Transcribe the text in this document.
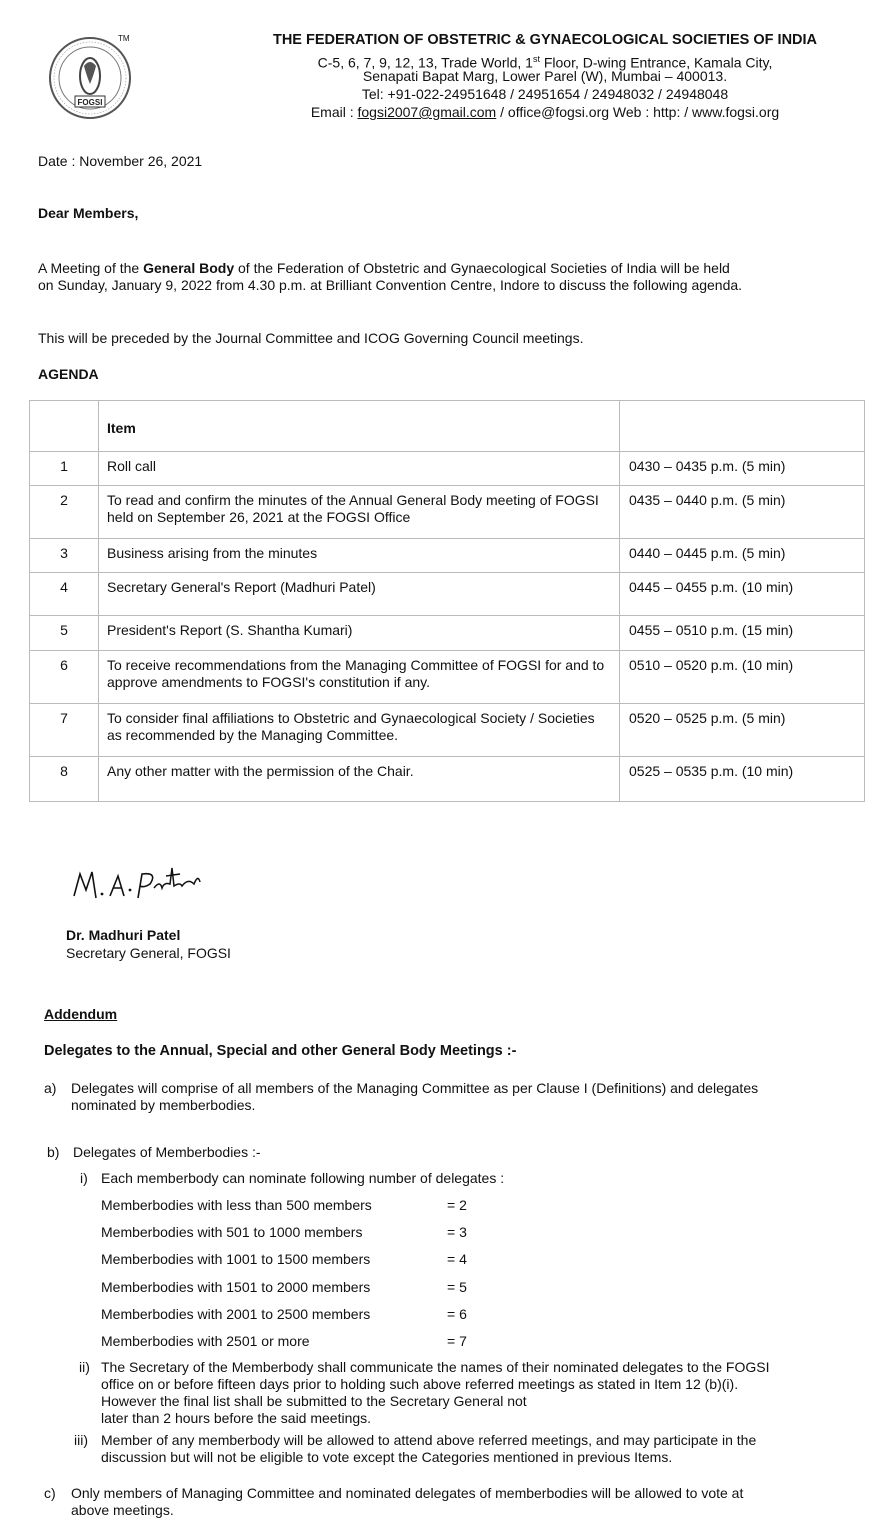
FOGSI
TM	THE FEDERATION OF OBSTETRIC & GYNAECOLOGICAL SOCIETIES OF INDIA
C-5, 6, 7, 9, 12, 13, Trade World, 1st Floor, D-wing Entrance, Kamala City,
Senapati Bapat Marg, Lower Parel (W), Mumbai – 400013.
Tel: +91-022-24951648 / 24951654 / 24948032 / 24948048
Email : fogsi2007@gmail.com / office@fogsi.org Web : http: / www.fogsi.org
Date : November 26, 2021
Dear Members,
A Meeting of the General Body of the Federation of Obstetric and Gynaecological Societies of India will be held
on Sunday, January 9, 2022 from 4.30 p.m. at Brilliant Convention Centre, Indore to discuss the following agenda.
This will be preceded by the Journal Committee and ICOG Governing Council meetings.
AGENDA
	Item	
1	Roll call	0430 – 0435 p.m. (5 min)
2	To read and confirm the minutes of the Annual General Body meeting of FOGSI held on September 26, 2021 at the FOGSI Office	0435 – 0440 p.m. (5 min)
3	Business arising from the minutes	0440 – 0445 p.m. (5 min)
4	Secretary General's Report (Madhuri Patel)	0445 – 0455 p.m. (10 min)
5	President's Report (S. Shantha Kumari)	0455 – 0510 p.m. (15 min)
6	To receive recommendations from the Managing Committee of FOGSI for and to approve amendments to FOGSI's constitution if any.	0510 – 0520 p.m. (10 min)
7	To consider final affiliations to Obstetric and Gynaecological Society / Societies as recommended by the Managing Committee.	0520 – 0525 p.m. (5 min)
8	Any other matter with the permission of the Chair.	0525 – 0535 p.m. (10 min)
Dr. Madhuri Patel
Secretary General, FOGSI
Addendum
Delegates to the Annual, Special and other General Body Meetings :-
a) Delegates will comprise of all members of the Managing Committee as per Clause I (Definitions) and delegates
nominated by memberbodies.
b) Delegates of Memberbodies :-
i) Each memberbody can nominate following number of delegates :
Memberbodies with less than 500 members	= 2
Memberbodies with 501 to 1000 members	= 3
Memberbodies with 1001 to 1500 members	= 4
Memberbodies with 1501 to 2000 members	= 5
Memberbodies with 2001 to 2500 members	= 6
Memberbodies with 2501 or more	= 7
ii) The Secretary of the Memberbody shall communicate the names of their nominated delegates to the FOGSI
office on or before fifteen days prior to holding such above referred meetings as stated in Item 12 (b)(i).
However the final list shall be submitted to the Secretary General not
later than 2 hours before the said meetings.
iii) Member of any memberbody will be allowed to attend above referred meetings, and may participate in the
discussion but will not be eligible to vote except the Categories mentioned in previous Items.
c) Only members of Managing Committee and nominated delegates of memberbodies will be allowed to vote at
above meetings.
